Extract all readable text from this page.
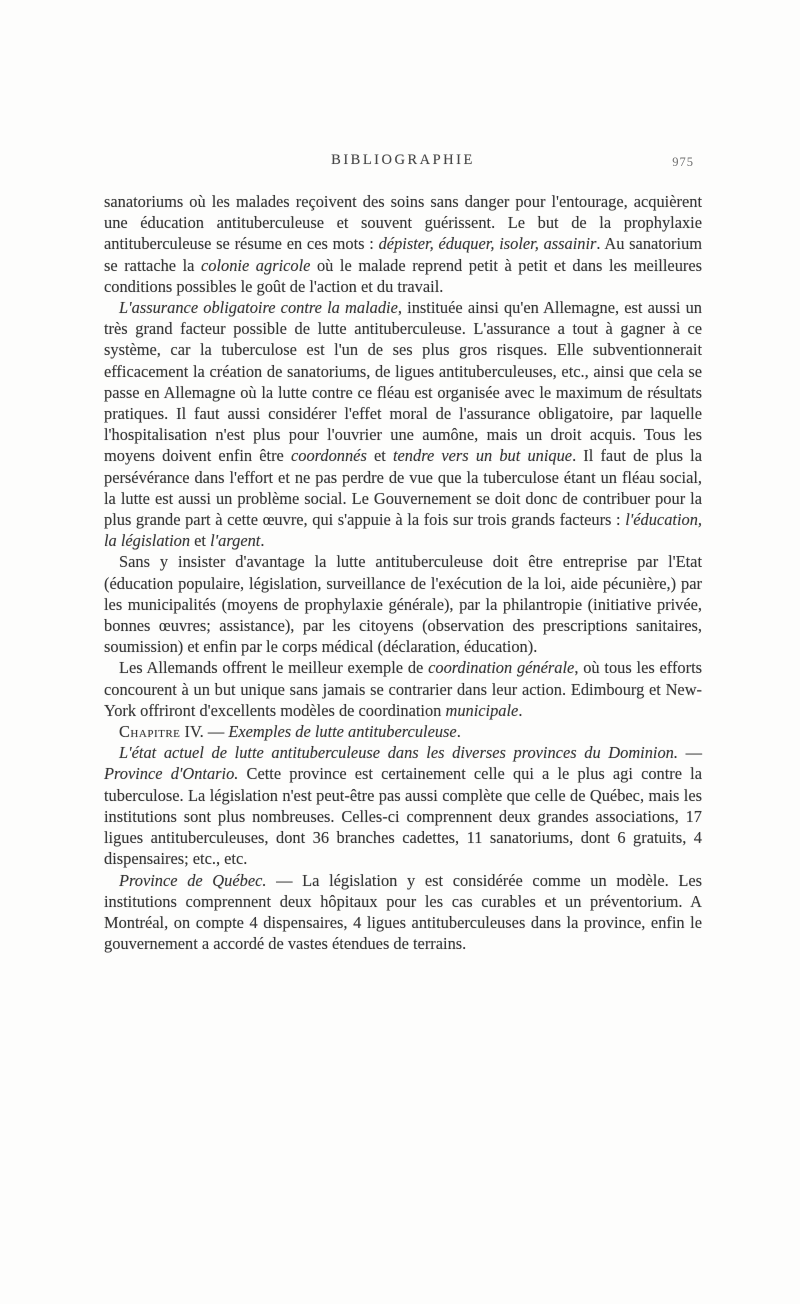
BIBLIOGRAPHIE	975

sanatoriums où les malades reçoivent des soins sans danger pour l'entourage, acquièrent une éducation antituberculeuse et souvent guérissent. Le but de la prophylaxie antituberculeuse se résume en ces mots : dépister, éduquer, isoler, assainir. Au sanatorium se rattache la colonie agricole où le malade reprend petit à petit et dans les meilleures conditions possibles le goût de l'action et du travail.

L'assurance obligatoire contre la maladie, instituée ainsi qu'en Allemagne, est aussi un très grand facteur possible de lutte antituberculeuse. L'assurance a tout à gagner à ce système, car la tuberculose est l'un de ses plus gros risques. Elle subventionnerait efficacement la création de sanatoriums, de ligues antituberculeuses, etc., ainsi que cela se passe en Allemagne où la lutte contre ce fléau est organisée avec le maximum de résultats pratiques. Il faut aussi considérer l'effet moral de l'assurance obligatoire, par laquelle l'hospitalisation n'est plus pour l'ouvrier une aumône, mais un droit acquis. Tous les moyens doivent enfin être coordonnés et tendre vers un but unique. Il faut de plus la persévérance dans l'effort et ne pas perdre de vue que la tuberculose étant un fléau social, la lutte est aussi un problème social. Le Gouvernement se doit donc de contribuer pour la plus grande part à cette œuvre, qui s'appuie à la fois sur trois grands facteurs : l'éducation, la législation et l'argent.

Sans y insister d'avantage la lutte antituberculeuse doit être entreprise par l'Etat (éducation populaire, législation, surveillance de l'exécution de la loi, aide pécunière,) par les municipalités (moyens de prophylaxie générale), par la philantropie (initiative privée, bonnes œuvres; assistance), par les citoyens (observation des prescriptions sanitaires, soumission) et enfin par le corps médical (déclaration, éducation).

Les Allemands offrent le meilleur exemple de coordination générale, où tous les efforts concourent à un but unique sans jamais se contrarier dans leur action. Edimbourg et New-York offriront d'excellents modèles de coordination municipale.

Chapitre IV. — Exemples de lutte antituberculeuse.

L'état actuel de lutte antituberculeuse dans les diverses provinces du Dominion. — Province d'Ontario. Cette province est certainement celle qui a le plus agi contre la tuberculose. La législation n'est peut-être pas aussi complète que celle de Québec, mais les institutions sont plus nombreuses. Celles-ci comprennent deux grandes associations, 17 ligues antituberculeuses, dont 36 branches cadettes, 11 sanatoriums, dont 6 gratuits, 4 dispensaires; etc., etc.

Province de Québec. — La législation y est considérée comme un modèle. Les institutions comprennent deux hôpitaux pour les cas curables et un préventorium. A Montréal, on compte 4 dispensaires, 4 ligues antituberculeuses dans la province, enfin le gouvernement a accordé de vastes étendues de terrains.
